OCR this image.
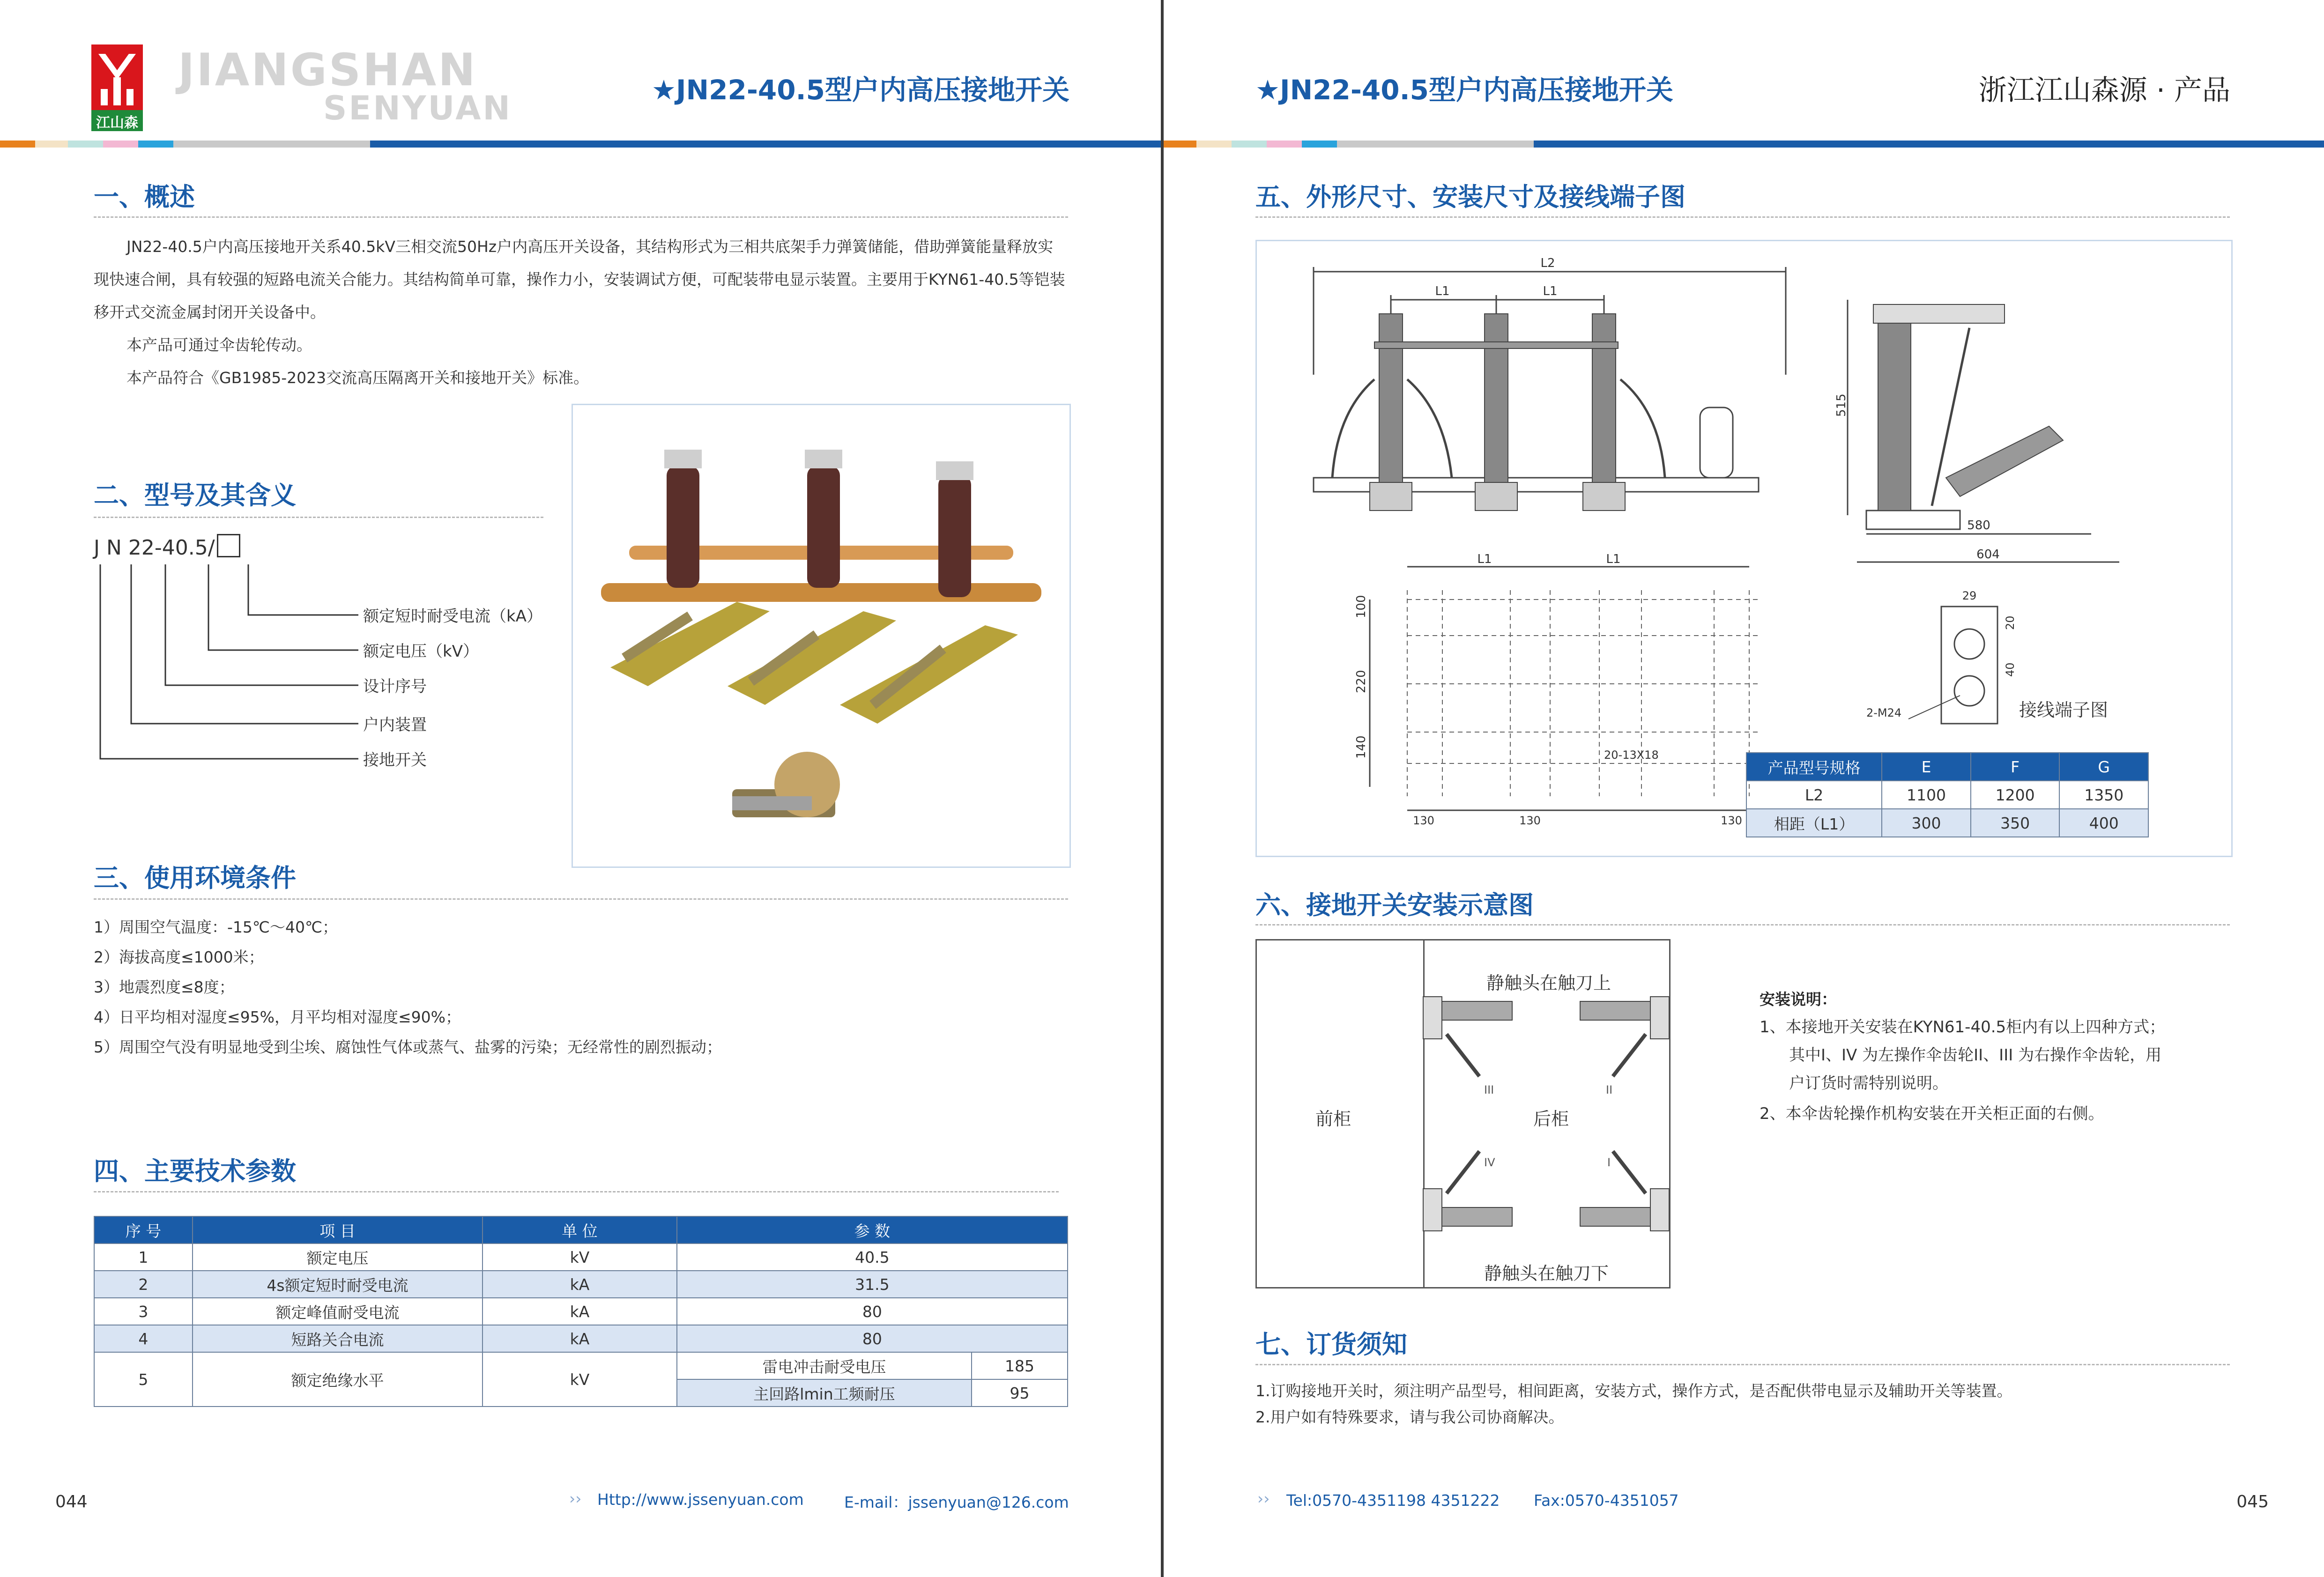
江山森
JIANGSHAN
SENYUAN	★JN22-40.5型户内高压接地开关
一、概述
JN22-40.5户内高压接地开关系40.5kV三相交流50Hz户内高压开关设备，其结构形式为三相共底架手力弹簧储能，借助弹簧能量释放实现快速合闸，具有较强的短路电流关合能力。其结构简单可靠，操作力小，安装调试方便，可配装带电显示装置。主要用于KYN61-40.5等铠装移开式交流金属封闭开关设备中。
本产品可通过伞齿轮传动。
本产品符合《GB1985-2023交流高压隔离开关和接地开关》标准。
二、型号及其含义
J N 22-40.5/
额定短时耐受电流（kA）
额定电压（kV）
设计序号
户内装置
接地开关
三、使用环境条件
1）周围空气温度：-15℃～40℃；
2）海拔高度≤1000米；
3）地震烈度≤8度；
4）日平均相对湿度≤95%，月平均相对湿度≤90%；
5）周围空气没有明显地受到尘埃、腐蚀性气体或蒸气、盐雾的污染；无经常性的剧烈振动；
四、主要技术参数
序 号	项 目	单 位	参 数	
1	额定电压	kV	40.5	
2	4s额定短时耐受电流	kA	31.5	
3	额定峰值耐受电流	kA	80	
4	短路关合电流	kA	80	
5	额定绝缘水平	kV	雷电冲击耐受电压	185
			主回路lmin工频耐压	95
044	›› Http://www.jssenyuan.com	E-mail：jssenyuan@126.com
★JN22-40.5型户内高压接地开关	浙江江山森源 · 产品
五、外形尺寸、安装尺寸及接线端子图
L2
L1	L1
515
580
604
L1	L1
100
220
140	20-13X18
130	130	130
29
20
40
2-M24	接线端子图
产品型号规格	E	F	G
L2	1100	1200	1350
相距（L1）	300	350	400
六、接地开关安装示意图
前柜	后柜
静触头在触刀上
静触头在触刀下
III	II
IV	I
安装说明：
1、本接地开关安装在KYN61-40.5柜内有以上四种方式；
其中I、IV 为左操作伞齿轮II、III 为右操作伞齿轮，用
户订货时需特别说明。
2、本伞齿轮操作机构安装在开关柜正面的右侧。
七、订货须知
1.订购接地开关时，须注明产品型号，相间距离，安装方式，操作方式，是否配供带电显示及辅助开关等装置。
2.用户如有特殊要求，请与我公司协商解决。
›› Tel:0570-4351198 4351222 Fax:0570-4351057	045
